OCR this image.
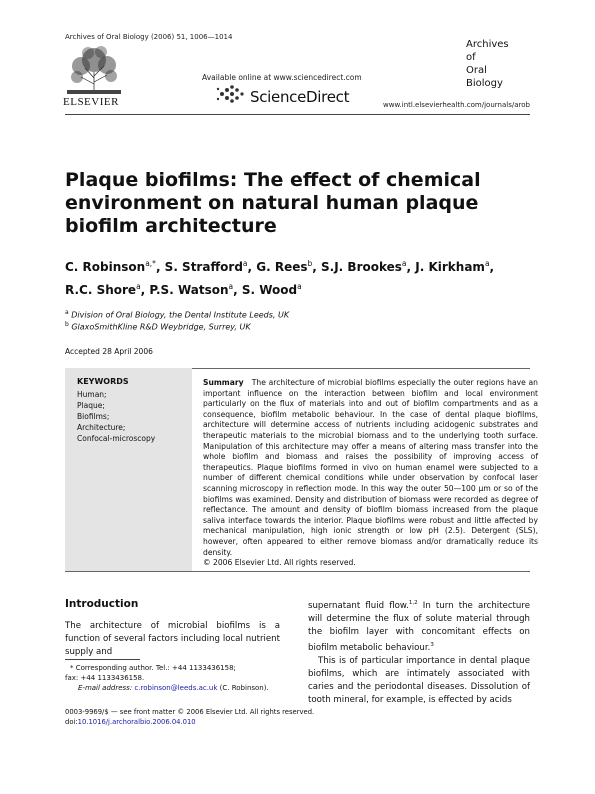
Archives of Oral Biology (2006) 51, 1006—1014
ELSEVIER
Available online at www.sciencedirect.com
ScienceDirect
Archives
of
Oral
Biology
www.intl.elsevierhealth.com/journals/arob
Plaque biofilms: The effect of chemical environment on natural human plaque biofilm architecture
C. Robinson$^{a,*}$, S. Strafford$^a$, G. Rees$^b$, S.J. Brookes$^a$, J. Kirkham$^a$,
R.C. Shore$^a$, P.S. Watson$^a$, S. Wood$^a$
$^a$ Division of Oral Biology, the Dental Institute Leeds, UK
$^b$ GlaxoSmithKline R&D Weybridge, Surrey, UK
Accepted 28 April 2006
KEYWORDS
Human;
Plaque;
Biofilms;
Architecture;
Confocal-microscopy
Summary The architecture of microbial biofilms especially the outer regions have an important influence on the interaction between biofilm and local environment particularly on the flux of materials into and out of biofilm compartments and as a consequence, biofilm metabolic behaviour. In the case of dental plaque biofilms, architecture will determine access of nutrients including acidogenic substrates and therapeutic materials to the microbial biomass and to the underlying tooth surface. Manipulation of this architecture may offer a means of altering mass transfer into the whole biofilm and biomass and raises the possibility of improving access of therapeutics. Plaque biofilms formed in vivo on human enamel were subjected to a number of different chemical conditions while under observation by confocal laser scanning microscopy in reflection mode. In this way the outer 50—100 μm or so of the biofilms was examined. Density and distribution of biomass were recorded as degree of reflectance. The amount and density of biofilm biomass increased from the plaque saliva interface towards the interior. Plaque biofilms were robust and little affected by mechanical manipulation, high ionic strength or low pH (2.5). Detergent (SLS), however, often appeared to either remove biomass and/or dramatically reduce its density.
© 2006 Elsevier Ltd. All rights reserved.
Introduction
The architecture of microbial biofilms is a function of several factors including local nutrient supply and

supernatant fluid flow.$^{1,2}$ In turn the architecture will determine the flux of solute material through the biofilm layer with concomitant effects on biofilm metabolic behaviour.$^3$

This is of particular importance in dental plaque biofilms, which are intimately associated with caries and the periodontal diseases. Dissolution of tooth mineral, for example, is effected by acids

* Corresponding author. Tel.: +44 1133436158;
fax: +44 1133436158.
E-mail address: c.robinson@leeds.ac.uk (C. Robinson).
0003-9969/$ — see front matter © 2006 Elsevier Ltd. All rights reserved.
doi:10.1016/j.archoralbio.2006.04.010
